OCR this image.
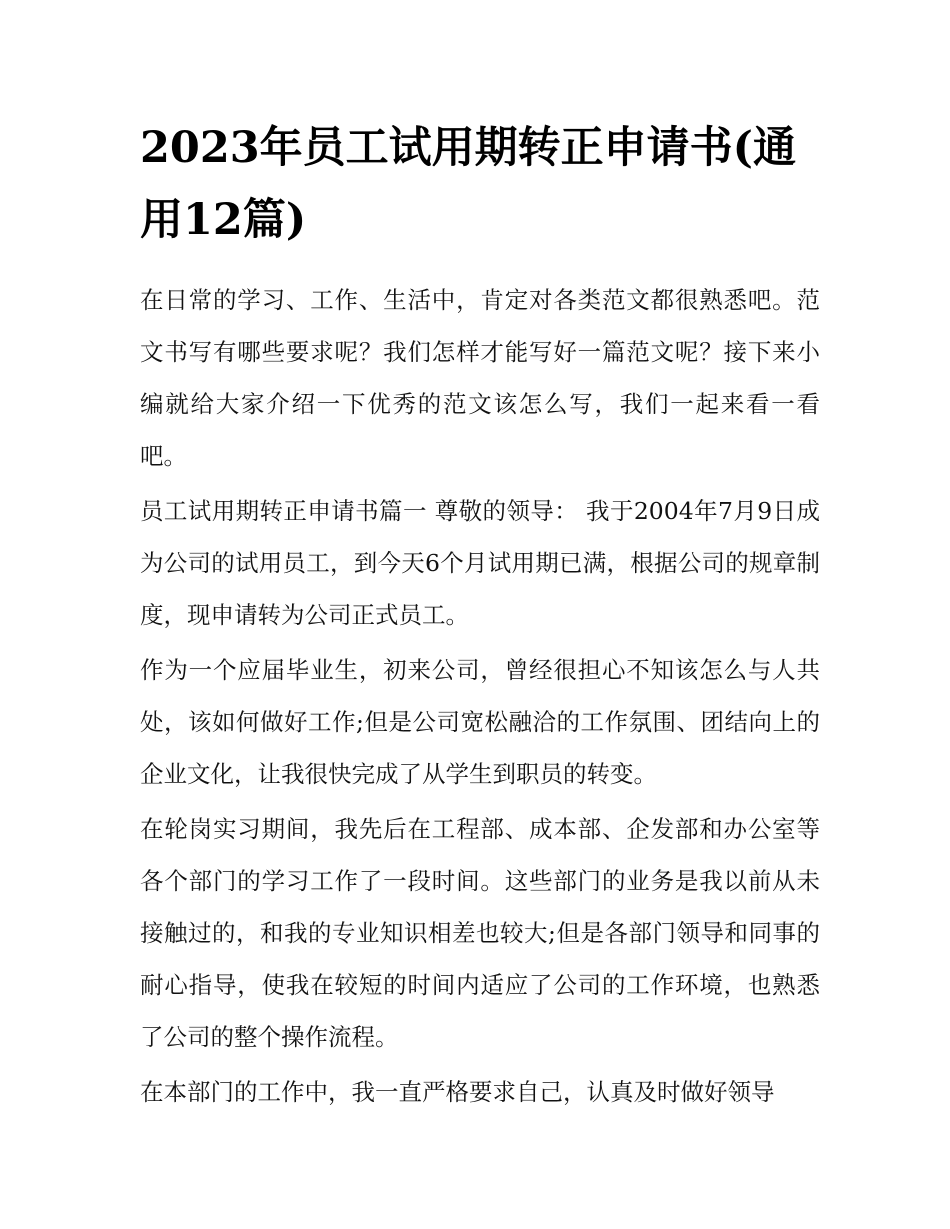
2023年员工试用期转正申请书(通用12篇)

在日常的学习、工作、生活中，肯定对各类范文都很熟悉吧。范文书写有哪些要求呢？我们怎样才能写好一篇范文呢？接下来小编就给大家介绍一下优秀的范文该怎么写，我们一起来看一看吧。

员工试用期转正申请书篇一 尊敬的领导： 我于2004年7月9日成为公司的试用员工，到今天6个月试用期已满，根据公司的规章制度，现申请转为公司正式员工。

作为一个应届毕业生，初来公司，曾经很担心不知该怎么与人共处，该如何做好工作;但是公司宽松融洽的工作氛围、团结向上的企业文化，让我很快完成了从学生到职员的转变。

在轮岗实习期间，我先后在工程部、成本部、企发部和办公室等各个部门的学习工作了一段时间。这些部门的业务是我以前从未接触过的，和我的专业知识相差也较大;但是各部门领导和同事的耐心指导，使我在较短的时间内适应了公司的工作环境，也熟悉了公司的整个操作流程。

在本部门的工作中，我一直严格要求自己，认真及时做好领导
